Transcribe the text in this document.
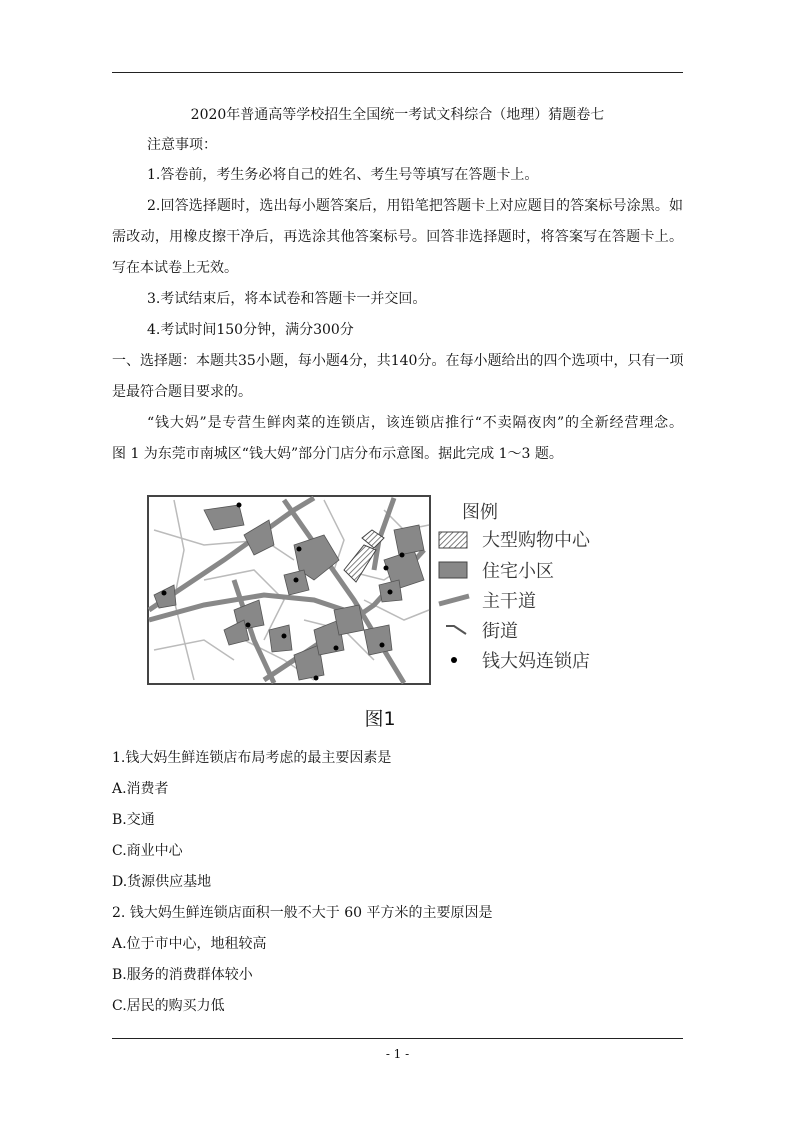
2020年普通高等学校招生全国统一考试文科综合（地理）猜题卷七
注意事项：
1.答卷前，考生务必将自己的姓名、考生号等填写在答题卡上。
2.回答选择题时，选出每小题答案后，用铅笔把答题卡上对应题目的答案标号涂黑。如
需改动，用橡皮擦干净后，再选涂其他答案标号。回答非选择题时，将答案写在答题卡上。
写在本试卷上无效。
3.考试结束后，将本试卷和答题卡一并交回。
4.考试时间150分钟，满分300分
一、选择题：本题共35小题，每小题4分，共140分。在每小题给出的四个选项中，只有一项
是最符合题目要求的。
“钱大妈”是专营生鲜肉菜的连锁店，该连锁店推行“不卖隔夜肉”的全新经营理念。
图 1 为东莞市南城区“钱大妈”部分门店分布示意图。据此完成 1～3 题。
图例
大型购物中心
住宅小区
主干道
街道
钱大妈连锁店
图1
1.钱大妈生鲜连锁店布局考虑的最主要因素是
A.消费者
B.交通
C.商业中心
D.货源供应基地
2. 钱大妈生鲜连锁店面积一般不大于 60 平方米的主要原因是
A.位于市中心，地租较高
B.服务的消费群体较小
C.居民的购买力低
- 1 -
